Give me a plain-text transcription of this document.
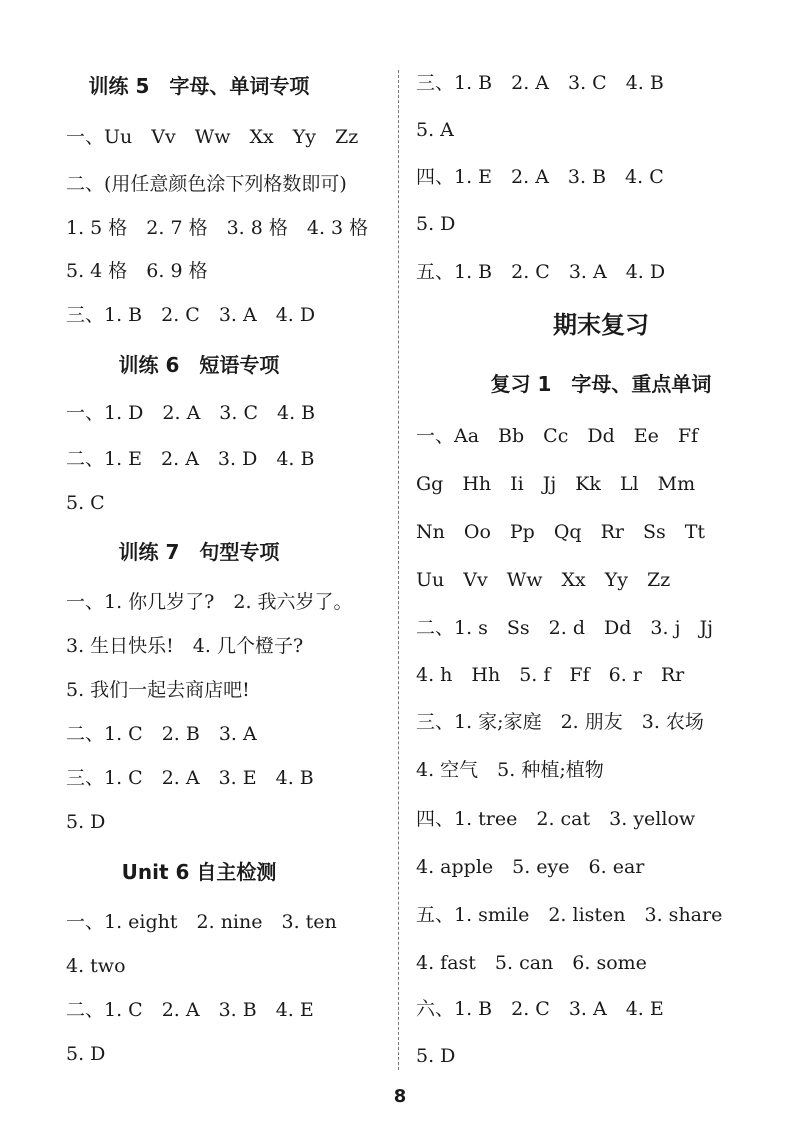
训练 5　字母、单词专项
一、Uu　Vv　Ww　Xx　Yy　Zz
二、(用任意颜色涂下列格数即可)
1. 5 格　2. 7 格　3. 8 格　4. 3 格
5. 4 格　6. 9 格
三、1. B　2. C　3. A　4. D
训练 6　短语专项
一、1. D　2. A　3. C　4. B
二、1. E　2. A　3. D　4. B
5. C
训练 7　句型专项
一、1. 你几岁了?　2. 我六岁了。
3. 生日快乐!　4. 几个橙子?
5. 我们一起去商店吧!
二、1. C　2. B　3. A
三、1. C　2. A　3. E　4. B
5. D
Unit 6 自主检测
一、1. eight　2. nine　3. ten
4. two
二、1. C　2. A　3. B　4. E
5. D
三、1. B　2. A　3. C　4. B
5. A
四、1. E　2. A　3. B　4. C
5. D
五、1. B　2. C　3. A　4. D
期末复习
复习 1　字母、重点单词
一、Aa　Bb　Cc　Dd　Ee　Ff
Gg　Hh　Ii　Jj　Kk　Ll　Mm
Nn　Oo　Pp　Qq　Rr　Ss　Tt
Uu　Vv　Ww　Xx　Yy　Zz
二、1. s　Ss　2. d　Dd　3. j　Jj
4. h　Hh　5. f　Ff　6. r　Rr
三、1. 家;家庭　2. 朋友　3. 农场
4. 空气　5. 种植;植物
四、1. tree　2. cat　3. yellow
4. apple　5. eye　6. ear
五、1. smile　2. listen　3. share
4. fast　5. can　6. some
六、1. B　2. C　3. A　4. E
5. D
8
